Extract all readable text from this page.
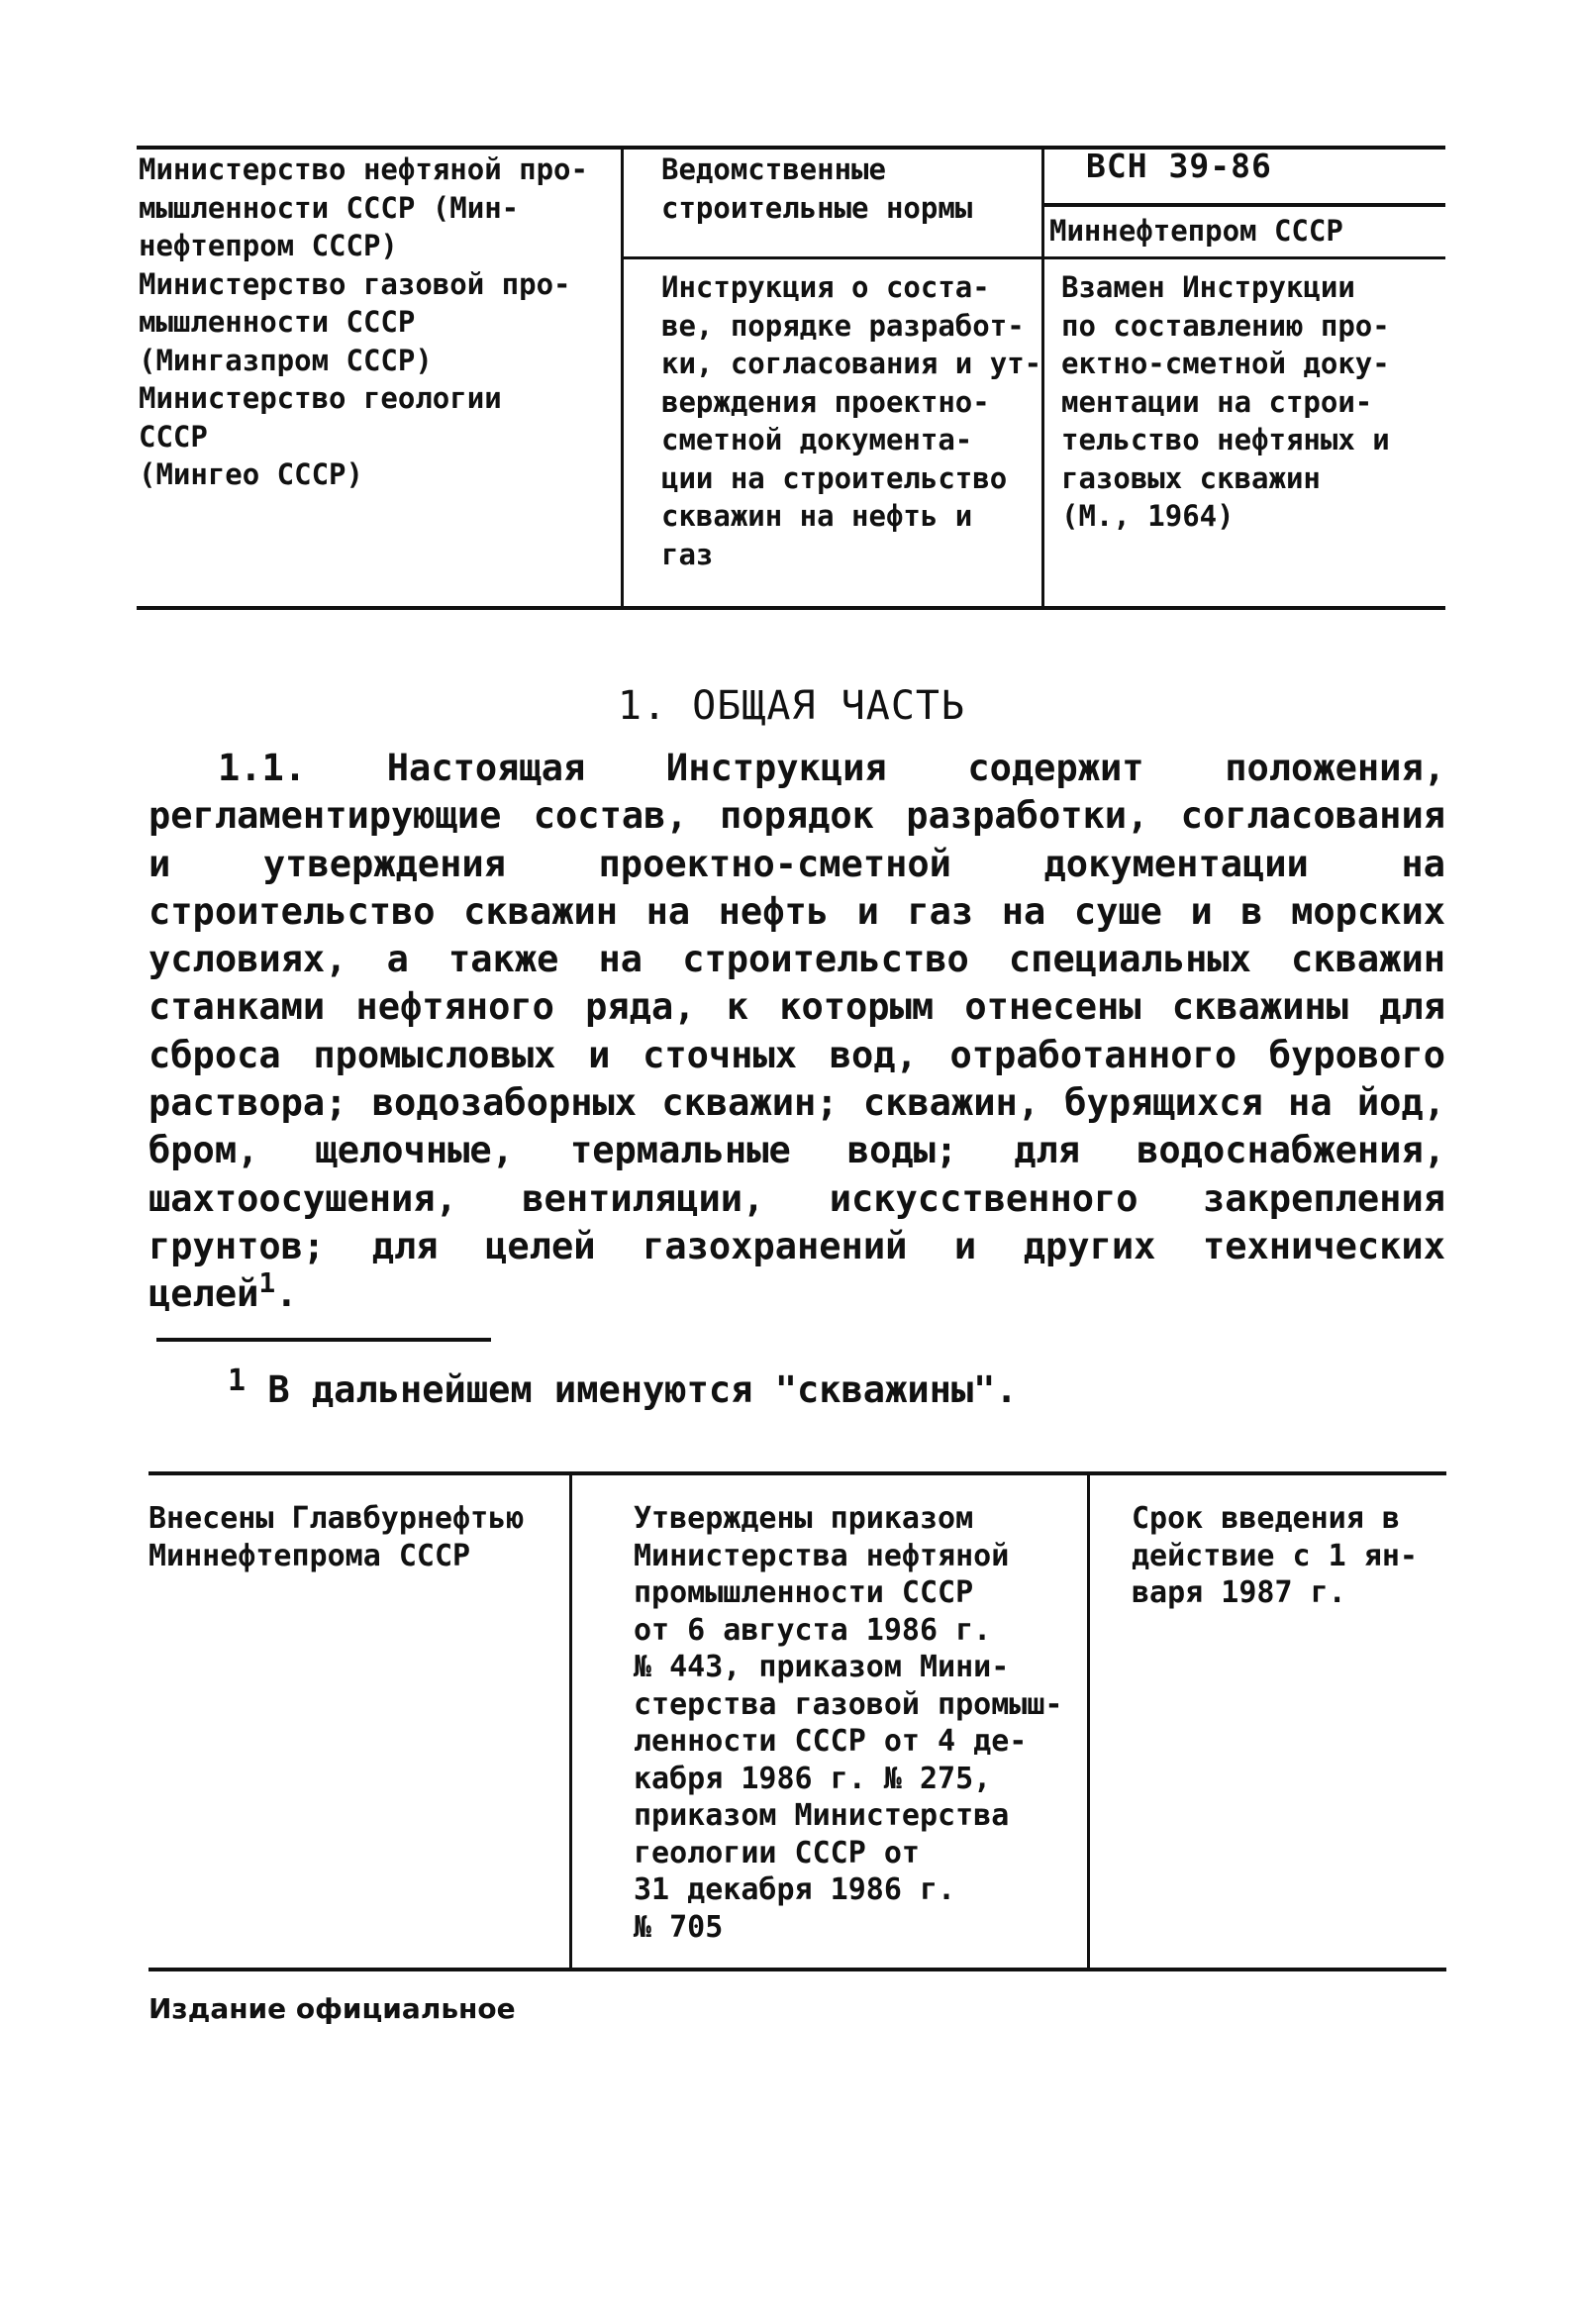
Министерство нефтяной про-
мышленности СССР (Мин-
нефтепром СССР)
Министерство газовой про-
мышленности СССР
(Мингазпром СССР)
Министерство геологии
СССР
(Мингео СССР)
Ведомственные
строительные нормы
ВСН 39-86
Миннефтепром СССР
Инструкция о соста-
ве, порядке разработ-
ки, согласования и ут-
верждения проектно-
сметной документа-
ции на строительство
скважин на нефть и
газ
Взамен Инструкции
по составлению про-
ектно-сметной доку-
ментации на строи-
тельство нефтяных и
газовых скважин
(М., 1964)
1. ОБЩАЯ ЧАСТЬ

1.1. Настоящая Инструкция содержит положения, регламентирующие состав, порядок разработки, согласования и утверждения проектно-сметной документации на строительство скважин на нефть и газ на суше и в морских условиях, а также на строительство специальных скважин станками нефтяного ряда, к которым отнесены скважины для сброса промысловых и сточных вод, отработанного бурового раствора; водозаборных скважин; скважин, бурящихся на йод, бром, щелочные, термальные воды; для водоснабжения, шахтоосушения, вентиляции, искусственного закрепления грунтов; для целей газохранений и других технических целей$^1$.

$^1$ В дальнейшем именуются "скважины".
Внесены Главбурнефтью
Миннефтепрома СССР
Утверждены приказом
Министерства нефтяной
промышленности СССР
от 6 августа 1986 г.
№ 443, приказом Мини-
стерства газовой промыш-
ленности СССР от 4 де-
кабря 1986 г. № 275,
приказом Министерства
геологии СССР от
31 декабря 1986 г.
№ 705
Срок введения в
действие с 1 ян-
варя 1987 г.
Издание официальное
